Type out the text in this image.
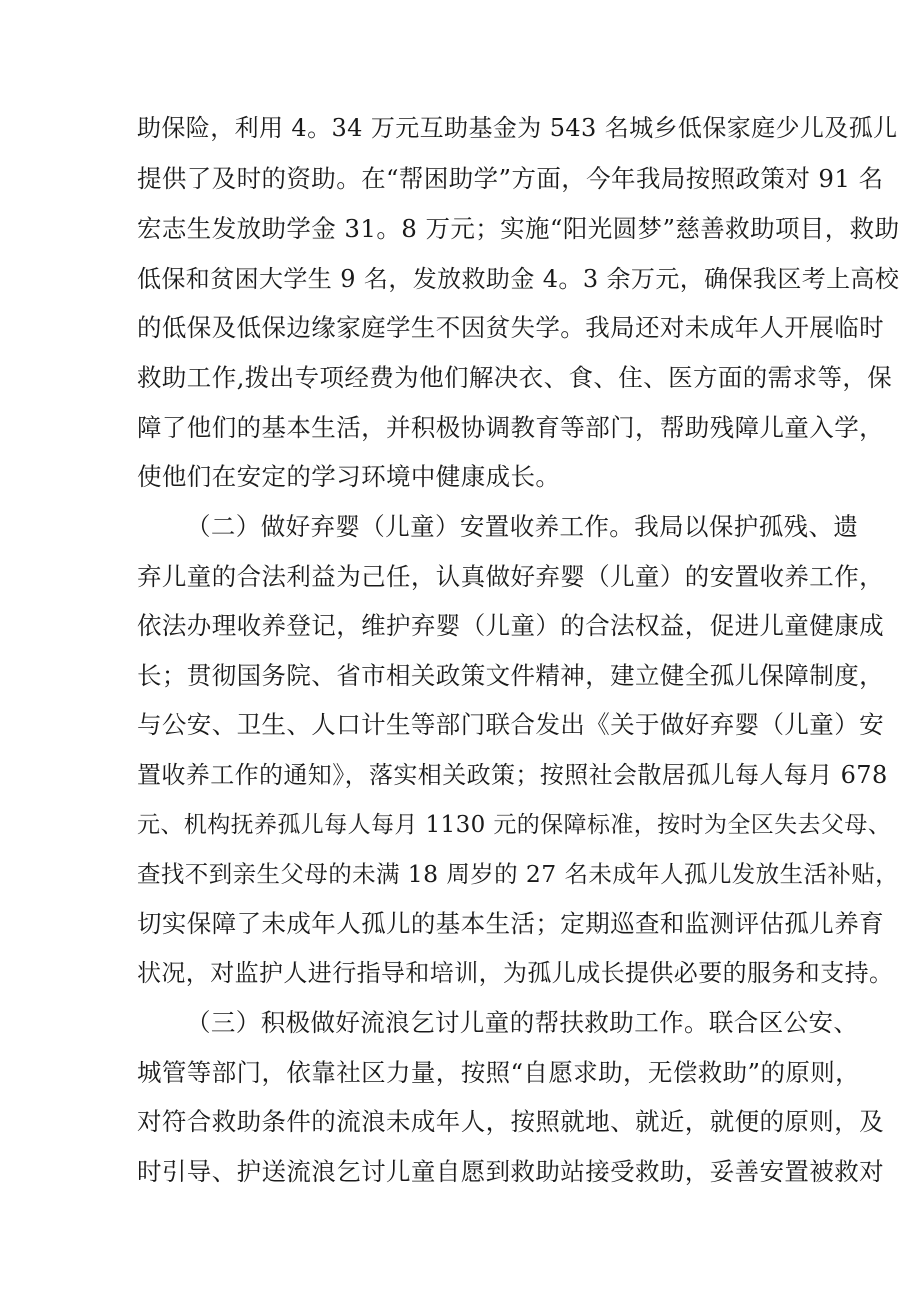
助保险，利用 4。34 万元互助基金为 543 名城乡低保家庭少儿及孤儿
提供了及时的资助。在“帮困助学”方面，今年我局按照政策对 91 名
宏志生发放助学金 31。8 万元；实施“阳光圆梦”慈善救助项目，救助
低保和贫困大学生 9 名，发放救助金 4。3 余万元，确保我区考上高校
的低保及低保边缘家庭学生不因贫失学。我局还对未成年人开展临时
救助工作,拨出专项经费为他们解决衣、食、住、医方面的需求等，保
障了他们的基本生活，并积极协调教育等部门，帮助残障儿童入学，
使他们在安定的学习环境中健康成长。
（二）做好弃婴（儿童）安置收养工作。我局以保护孤残、遗
弃儿童的合法利益为己任，认真做好弃婴（儿童）的安置收养工作，
依法办理收养登记，维护弃婴（儿童）的合法权益，促进儿童健康成
长；贯彻国务院、省市相关政策文件精神，建立健全孤儿保障制度，
与公安、卫生、人口计生等部门联合发出《关于做好弃婴（儿童）安
置收养工作的通知》，落实相关政策；按照社会散居孤儿每人每月 678
元、机构抚养孤儿每人每月 1130 元的保障标准，按时为全区失去父母、
查找不到亲生父母的未满 18 周岁的 27 名未成年人孤儿发放生活补贴，
切实保障了未成年人孤儿的基本生活；定期巡查和监测评估孤儿养育
状况，对监护人进行指导和培训，为孤儿成长提供必要的服务和支持。
（三）积极做好流浪乞讨儿童的帮扶救助工作。联合区公安、
城管等部门，依靠社区力量，按照“自愿求助，无偿救助”的原则，
对符合救助条件的流浪未成年人，按照就地、就近，就便的原则，及
时引导、护送流浪乞讨儿童自愿到救助站接受救助，妥善安置被救对
